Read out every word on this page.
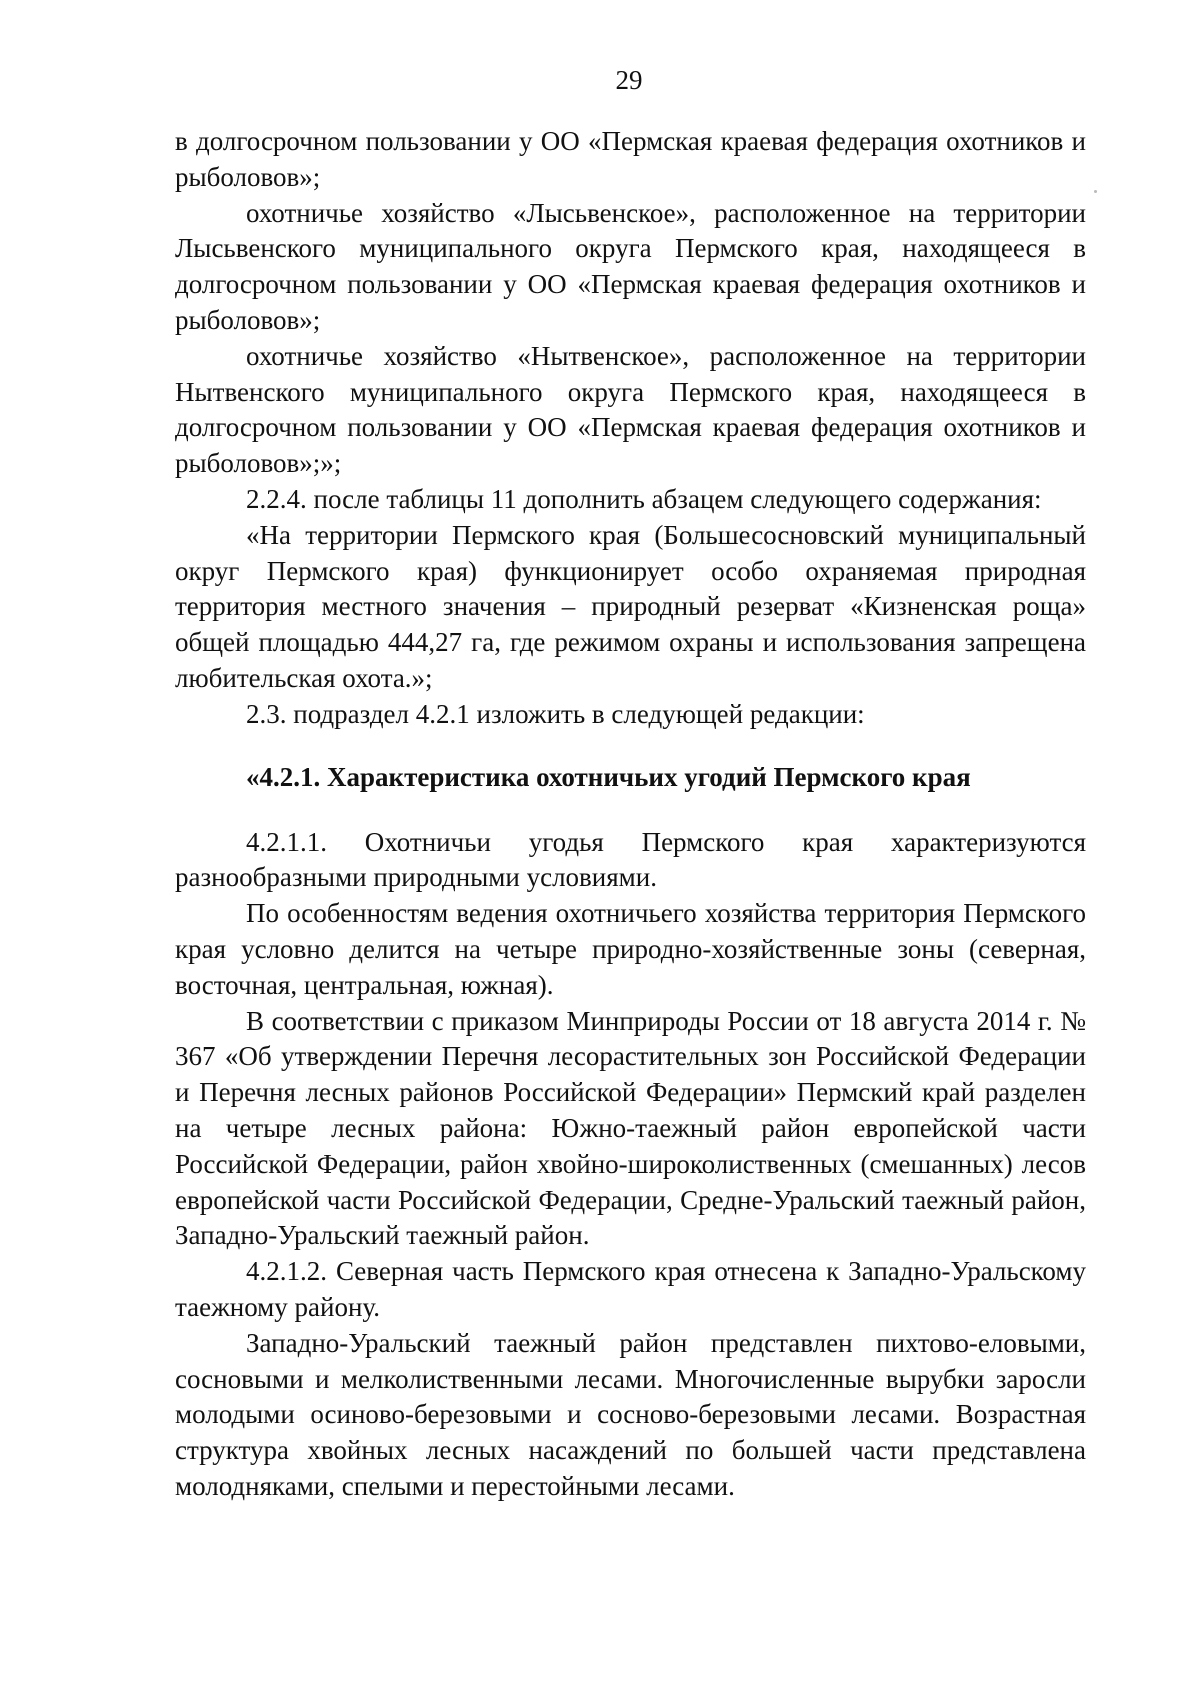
29

в долгосрочном пользовании у ОО «Пермская краевая федерация охотников и рыболовов»;

охотничье хозяйство «Лысьвенское», расположенное на территории Лысьвенского муниципального округа Пермского края, находящееся в долгосрочном пользовании у ОО «Пермская краевая федерация охотников и рыболовов»;

охотничье хозяйство «Нытвенское», расположенное на территории Нытвенского муниципального округа Пермского края, находящееся в долгосрочном пользовании у ОО «Пермская краевая федерация охотников и рыболовов»;»;

2.2.4. после таблицы 11 дополнить абзацем следующего содержания:

«На территории Пермского края (Большесосновский муниципальный округ Пермского края) функционирует особо охраняемая природная территория местного значения – природный резерват «Кизненская роща» общей площадью 444,27 га, где режимом охраны и использования запрещена любительская охота.»;

2.3. подраздел 4.2.1 изложить в следующей редакции:

«4.2.1. Характеристика охотничьих угодий Пермского края

4.2.1.1. Охотничьи угодья Пермского края характеризуются разнообразными природными условиями.

По особенностям ведения охотничьего хозяйства территория Пермского края условно делится на четыре природно-хозяйственные зоны (северная, восточная, центральная, южная).

В соответствии с приказом Минприроды России от 18 августа 2014 г. № 367 «Об утверждении Перечня лесорастительных зон Российской Федерации и Перечня лесных районов Российской Федерации» Пермский край разделен на четыре лесных района: Южно-таежный район европейской части Российской Федерации, район хвойно-широколиственных (смешанных) лесов европейской части Российской Федерации, Средне-Уральский таежный район, Западно-Уральский таежный район.

4.2.1.2. Северная часть Пермского края отнесена к Западно-Уральскому таежному району.

Западно-Уральский таежный район представлен пихтово-еловыми, сосновыми и мелколиственными лесами. Многочисленные вырубки заросли молодыми осиново-березовыми и сосново-березовыми лесами. Возрастная структура хвойных лесных насаждений по большей части представлена молодняками, спелыми и перестойными лесами.
